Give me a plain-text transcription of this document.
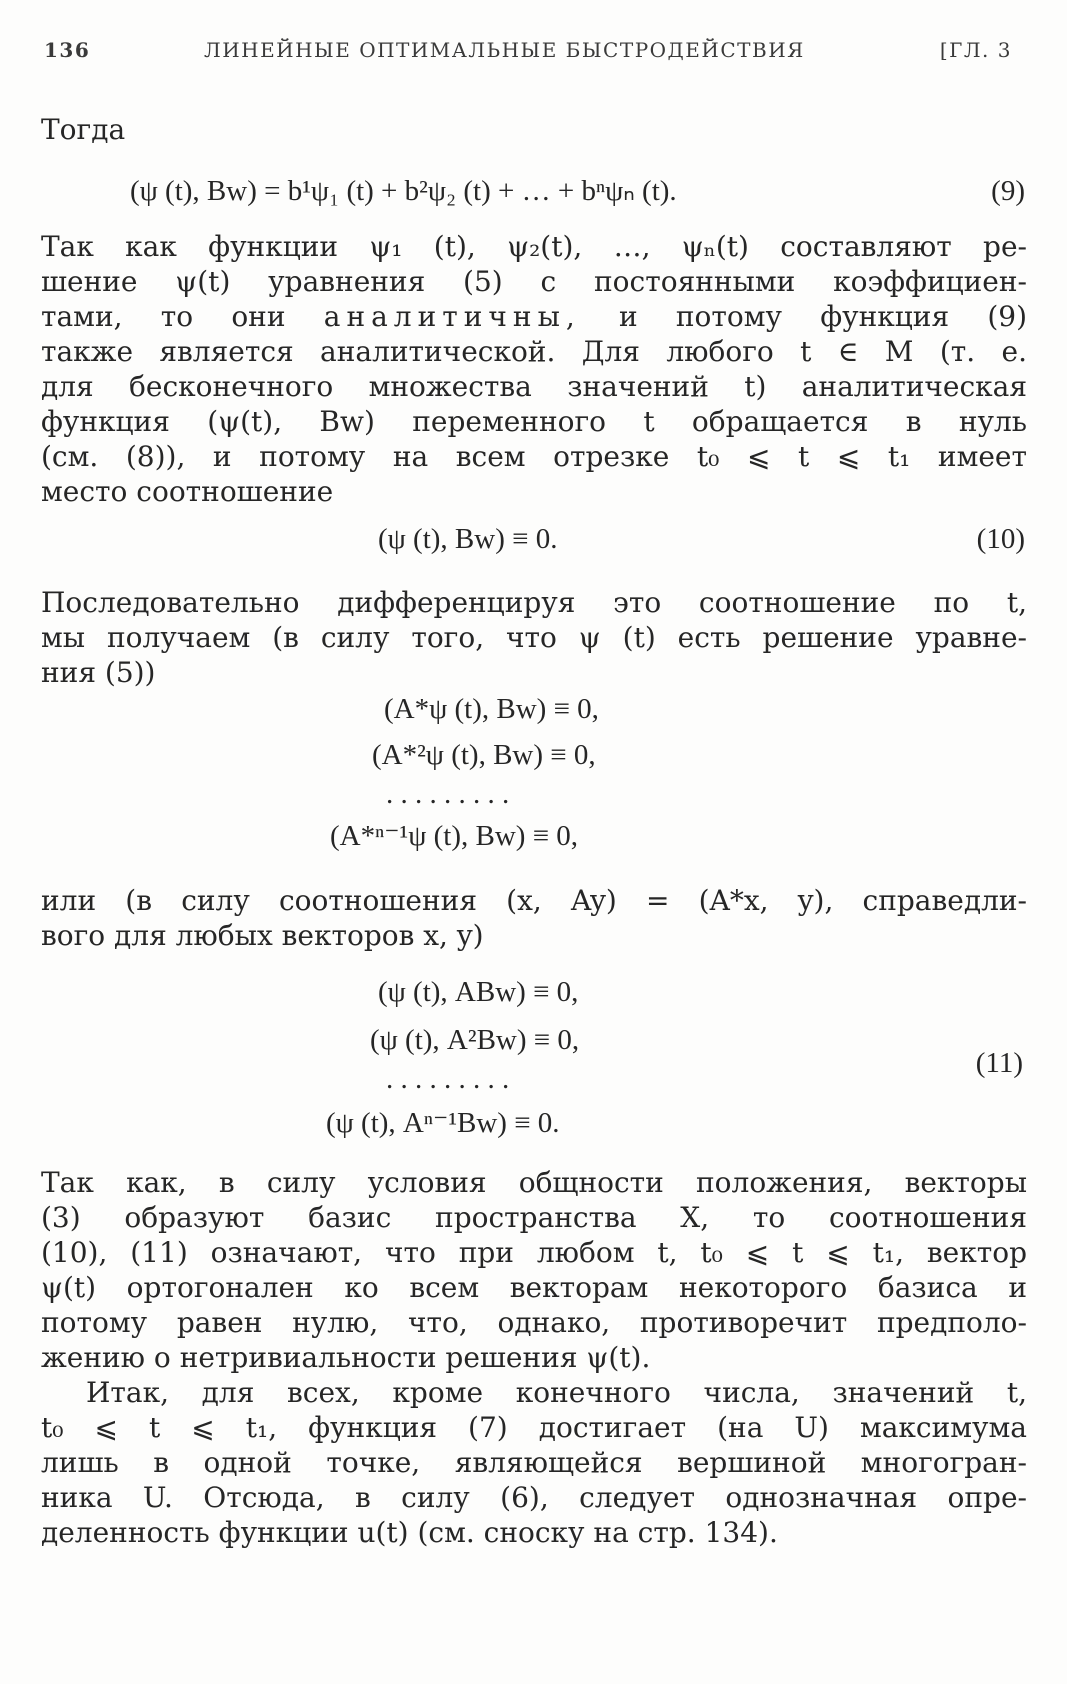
136	ЛИНЕЙНЫЕ ОПТИМАЛЬНЫЕ БЫСТРОДЕЙСТВИЯ	[ГЛ. 3
Тогда
(ψ (t), Bw) = b¹ψ₁ (t) + b²ψ₂ (t) + … + bⁿψₙ (t).	(9)
Так как функции ψ₁ (t), ψ₂(t), …, ψₙ(t) составляют ре-
шение ψ(t) уравнения (5) с постоянными коэффициен-
тами, то они аналитичны, и потому функция (9)
также является аналитической. Для любого t ∈ M (т. е.
для бесконечного множества значений t) аналитическая
функция (ψ(t), Bw) переменного t обращается в нуль
(см. (8)), и потому на всем отрезке t₀ ⩽ t ⩽ t₁ имеет
место соотношение
(ψ (t), Bw) ≡ 0.	(10)
Последовательно дифференцируя это соотношение по t,
мы получаем (в силу того, что ψ (t) есть решение уравне-
ния (5))
(A*ψ (t), Bw) ≡ 0,
(A*²ψ (t), Bw) ≡ 0,
. . . . . . . . .
(A*ⁿ⁻¹ψ (t), Bw) ≡ 0,
или (в силу соотношения (x, Ay) = (A*x, y), справедли-
вого для любых векторов x, y)
(ψ (t), ABw) ≡ 0,
(ψ (t), A²Bw) ≡ 0,
. . . . . . . . .
(ψ (t), Aⁿ⁻¹Bw) ≡ 0.
(11)
Так как, в силу условия общности положения, векторы
(3) образуют базис пространства X, то соотношения
(10), (11) означают, что при любом t, t₀ ⩽ t ⩽ t₁, вектор
ψ(t) ортогонален ко всем векторам некоторого базиса и
потому равен нулю, что, однако, противоречит предполо-
жению о нетривиальности решения ψ(t).
Итак, для всех, кроме конечного числа, значений t,
t₀ ⩽ t ⩽ t₁, функция (7) достигает (на U) максимума
лишь в одной точке, являющейся вершиной многогран-
ника U. Отсюда, в силу (6), следует однозначная опре-
деленность функции u(t) (см. сноску на стр. 134).
